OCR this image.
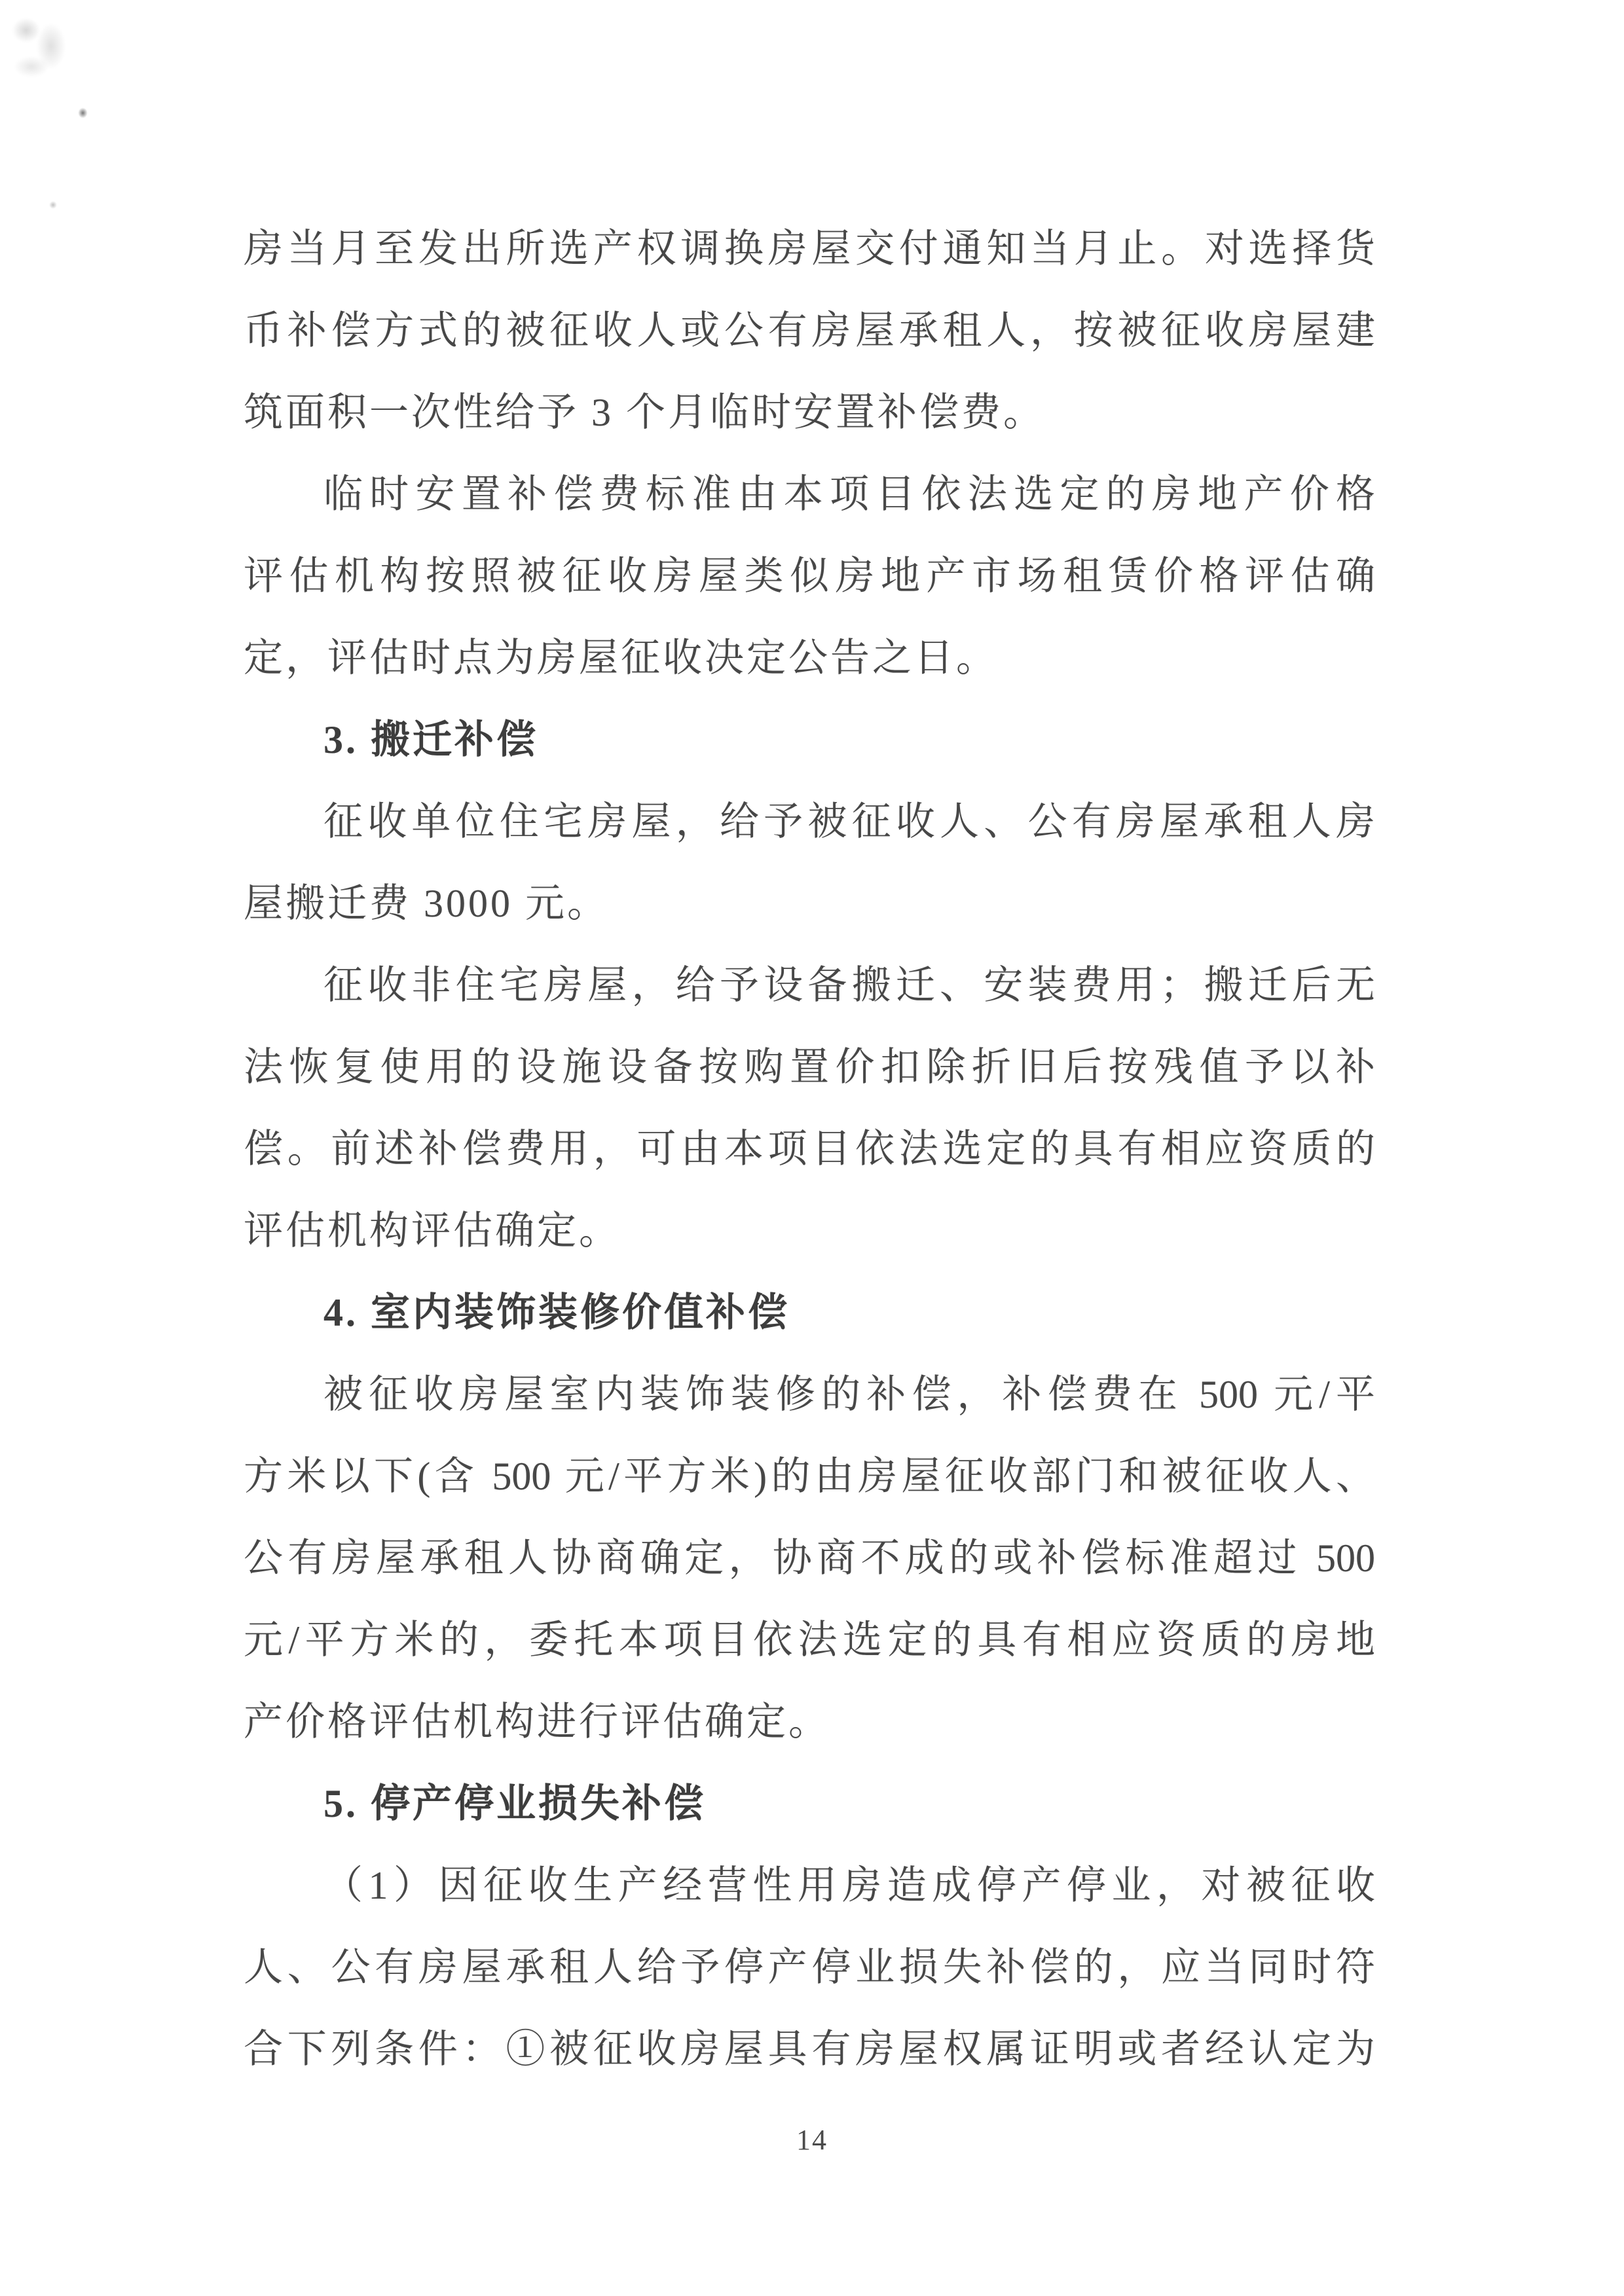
房当月至发出所选产权调换房屋交付通知当月止。对选择货
币补偿方式的被征收人或公有房屋承租人，按被征收房屋建
筑面积一次性给予 3 个月临时安置补偿费。
临时安置补偿费标准由本项目依法选定的房地产价格
评估机构按照被征收房屋类似房地产市场租赁价格评估确
定，评估时点为房屋征收决定公告之日。
3. 搬迁补偿
征收单位住宅房屋，给予被征收人、公有房屋承租人房
屋搬迁费 3000 元。
征收非住宅房屋，给予设备搬迁、安装费用；搬迁后无
法恢复使用的设施设备按购置价扣除折旧后按残值予以补
偿。前述补偿费用，可由本项目依法选定的具有相应资质的
评估机构评估确定。
4. 室内装饰装修价值补偿
被征收房屋室内装饰装修的补偿，补偿费在 500 元/平
方米以下(含 500 元/平方米)的由房屋征收部门和被征收人、
公有房屋承租人协商确定，协商不成的或补偿标准超过 500
元/平方米的，委托本项目依法选定的具有相应资质的房地
产价格评估机构进行评估确定。
5. 停产停业损失补偿
（1）因征收生产经营性用房造成停产停业，对被征收
人、公有房屋承租人给予停产停业损失补偿的，应当同时符
合下列条件：①被征收房屋具有房屋权属证明或者经认定为
14
